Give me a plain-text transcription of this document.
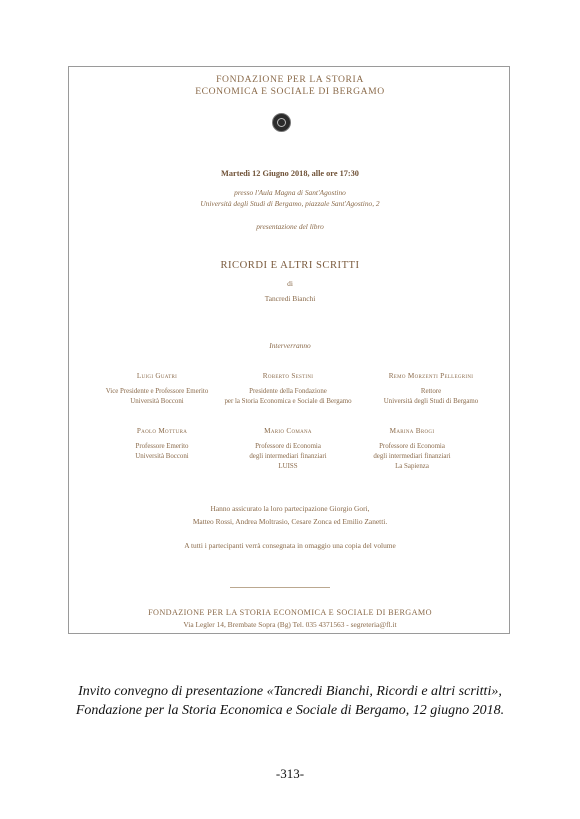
FONDAZIONE PER LA STORIA
ECONOMICA E SOCIALE DI BERGAMO
Martedì 12 Giugno 2018, alle ore 17:30
presso l'Aula Magna di Sant'Agostino
Università degli Studi di Bergamo, piazzale Sant'Agostino, 2
presentazione del libro
RICORDI E ALTRI SCRITTI
di
Tancredi Bianchi
Interverranno
Luigi Guatri
Vice Presidente e Professore Emerito
Università Bocconi
Roberto Sestini
Presidente della Fondazione
per la Storia Economica e Sociale di Bergamo
Remo Morzenti Pellegrini
Rettore
Università degli Studi di Bergamo
Paolo Mottura
Professore Emerito
Università Bocconi
Mario Comana
Professore di Economia
degli intermediari finanziari
LUISS
Marina Brogi
Professore di Economia
degli intermediari finanziari
La Sapienza
Hanno assicurato la loro partecipazione Giorgio Gori,
Matteo Rossi, Andrea Moltrasio, Cesare Zonca ed Emilio Zanetti.
A tutti i partecipanti verrà consegnata in omaggio una copia del volume
FONDAZIONE PER LA STORIA ECONOMICA E SOCIALE DI BERGAMO
Via Legler 14, Brembate Sopra (Bg) Tel. 035 4371563 - segreteria@fl.it
Invito convegno di presentazione «Tancredi Bianchi, Ricordi e altri scritti»,
Fondazione per la Storia Economica e Sociale di Bergamo, 12 giugno 2018.
-313-
